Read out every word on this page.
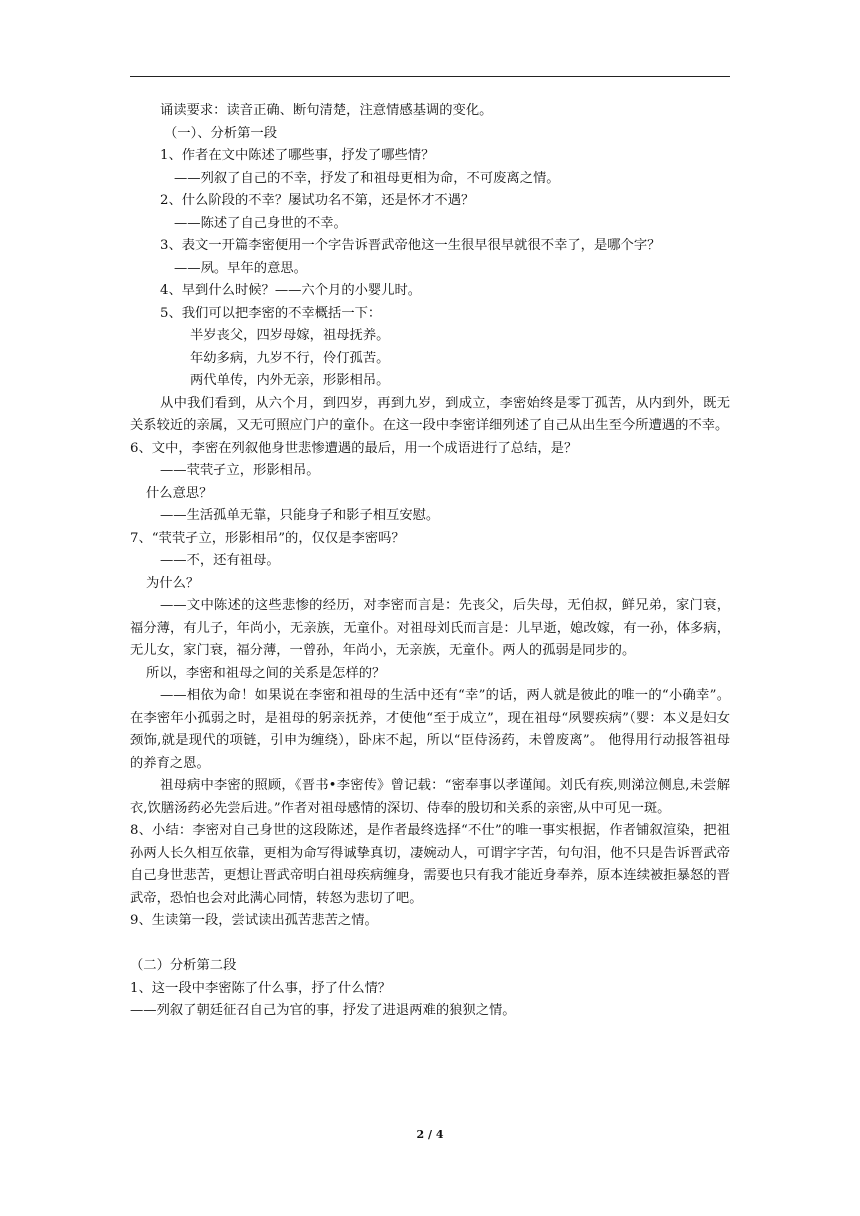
诵读要求：读音正确、断句清楚，注意情感基调的变化。
（一）、分析第一段
1、作者在文中陈述了哪些事，抒发了哪些情？
——列叙了自己的不幸，抒发了和祖母更相为命，不可废离之情。
2、什么阶段的不幸？屡试功名不第，还是怀才不遇？
——陈述了自己身世的不幸。
3、表文一开篇李密便用一个字告诉晋武帝他这一生很早很早就很不幸了，是哪个字？
——夙。早年的意思。
4、早到什么时候？——六个月的小婴儿时。
5、我们可以把李密的不幸概括一下：
半岁丧父，四岁母嫁，祖母抚养。
年幼多病，九岁不行，伶仃孤苦。
两代单传，内外无亲，形影相吊。
从中我们看到，从六个月，到四岁，再到九岁，到成立，李密始终是零丁孤苦，从内到外，既无关系较近的亲属，又无可照应门户的童仆。在这一段中李密详细列述了自己从出生至今所遭遇的不幸。
6、文中，李密在列叙他身世悲惨遭遇的最后，用一个成语进行了总结，是？
——茕茕孑立，形影相吊。
什么意思？
——生活孤单无靠，只能身子和影子相互安慰。
7、“茕茕孑立，形影相吊”的，仅仅是李密吗？
——不，还有祖母。
为什么？
——文中陈述的这些悲惨的经历，对李密而言是：先丧父，后失母，无伯叔，鲜兄弟，家门衰，福分薄，有儿子，年尚小，无亲族，无童仆。对祖母刘氏而言是：儿早逝，媳改嫁，有一孙，体多病，无儿女，家门衰，福分薄，一曾孙，年尚小，无亲族，无童仆。两人的孤弱是同步的。
所以，李密和祖母之间的关系是怎样的？
——相依为命！如果说在李密和祖母的生活中还有“幸”的话，两人就是彼此的唯一的“小确幸”。在李密年小孤弱之时，是祖母的躬亲抚养，才使他“至于成立”，现在祖母“夙婴疾病”（婴：本义是妇女颈饰,就是现代的项链，引申为缠绕），卧床不起，所以“臣侍汤药，未曾废离”。 他得用行动报答祖母的养育之恩。
祖母病中李密的照顾，《晋书•李密传》曾记载：“密奉事以孝谨闻。刘氏有疾,则涕泣侧息,未尝解衣,饮膳汤药必先尝后进。”作者对祖母感情的深切、侍奉的殷切和关系的亲密,从中可见一斑。
8、小结：李密对自己身世的这段陈述，是作者最终选择“不仕”的唯一事实根据，作者铺叙渲染，把祖孙两人长久相互依靠，更相为命写得诚挚真切，凄婉动人，可谓字字苦，句句泪，他不只是告诉晋武帝自己身世悲苦，更想让晋武帝明白祖母疾病缠身，需要也只有我才能近身奉养，原本连续被拒暴怒的晋武帝，恐怕也会对此满心同情，转怒为悲切了吧。
9、生读第一段，尝试读出孤苦悲苦之情。
（二）分析第二段
1、这一段中李密陈了什么事，抒了什么情？
——列叙了朝廷征召自己为官的事，抒发了进退两难的狼狈之情。
2 / 4
